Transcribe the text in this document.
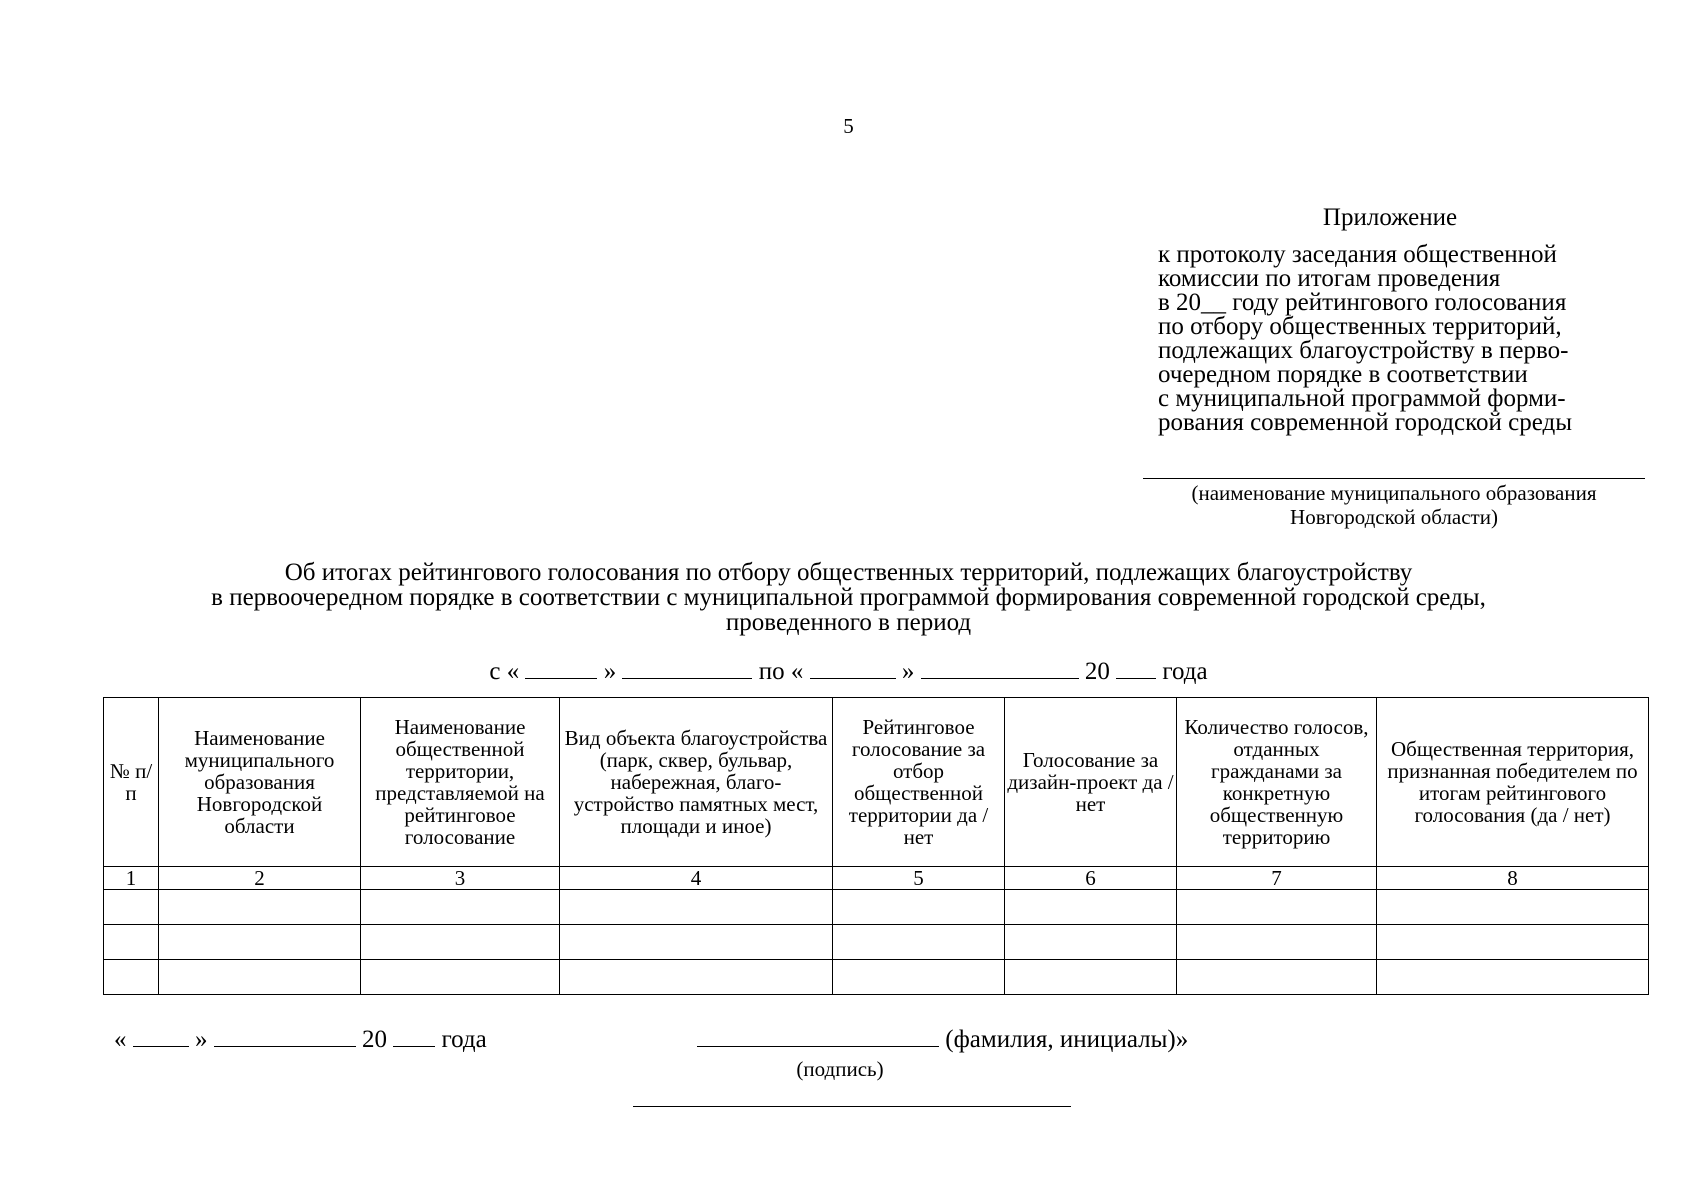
5
Приложение
к протоколу заседания общественной
комиссии по итогам проведения
в 20__ году рейтингового голосования
по отбору общественных территорий,
подлежащих благоустройству в перво-
очередном порядке в соответствии
с муниципальной программой форми-
рования современной городской среды
(наименование муниципального образования
Новгородской области)
Об итогах рейтингового голосования по отбору общественных территорий, подлежащих благоустройству
в первоочередном порядке в соответствии с муниципальной программой формирования современной городской среды,
проведенного в период
с «	»	по «	»	20 года
№ п/п	Наименование муниципального образования Новгородской области	Наименование общественной территории, представляемой на рейтинговое голосование	Вид объекта благоустройства (парк, сквер, бульвар, набережная, благо-устройство памятных мест, площади и иное)	Рейтинговое голосование за отбор общественной территории да / нет	Голосование за дизайн-проект да / нет	Количество голосов, отданных гражданами за конкретную общественную территорию	Общественная территория, признанная победителем по итогам рейтингового голосования (да / нет)
1	2	3	4	5	6	7	8

«	»	20 года	(фамилия, инициалы)»
(подпись)
